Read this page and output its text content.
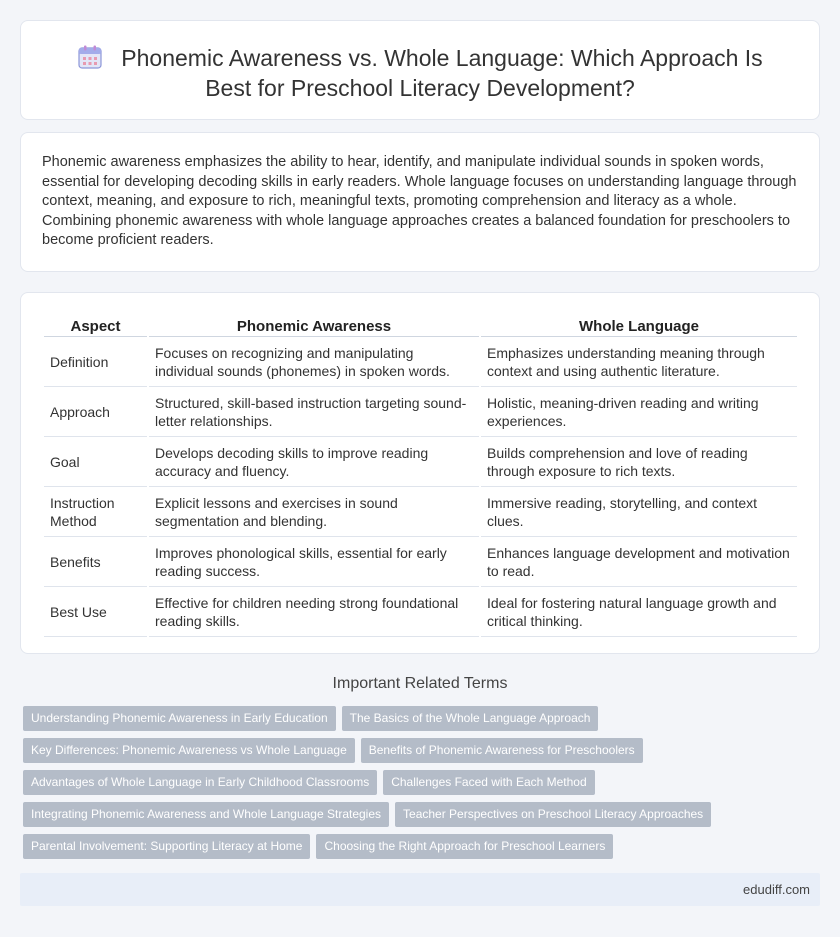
Phonemic Awareness vs. Whole Language: Which Approach Is
Best for Preschool Literacy Development?

Phonemic awareness emphasizes the ability to hear, identify, and manipulate individual sounds in spoken words, essential for developing decoding skills in early readers. Whole language focuses on understanding language through context, meaning, and exposure to rich, meaningful texts, promoting comprehension and literacy as a whole. Combining phonemic awareness with whole language approaches creates a balanced foundation for preschoolers to become proficient readers.

Aspect	Phonemic Awareness	Whole Language
Definition	Focuses on recognizing and manipulating individual sounds (phonemes) in spoken words.	Emphasizes understanding meaning through context and using authentic literature.
Approach	Structured, skill-based instruction targeting sound-letter relationships.	Holistic, meaning-driven reading and writing experiences.
Goal	Develops decoding skills to improve reading accuracy and fluency.	Builds comprehension and love of reading through exposure to rich texts.
Instruction Method	Explicit lessons and exercises in sound segmentation and blending.	Immersive reading, storytelling, and context clues.
Benefits	Improves phonological skills, essential for early reading success.	Enhances language development and motivation to read.
Best Use	Effective for children needing strong foundational reading skills.	Ideal for fostering natural language growth and critical thinking.
Important Related Terms
Understanding Phonemic Awareness in Early Education The Basics of the Whole Language Approach
Key Differences: Phonemic Awareness vs Whole Language Benefits of Phonemic Awareness for Preschoolers
Advantages of Whole Language in Early Childhood Classrooms Challenges Faced with Each Method
Integrating Phonemic Awareness and Whole Language Strategies Teacher Perspectives on Preschool Literacy Approaches
Parental Involvement: Supporting Literacy at Home Choosing the Right Approach for Preschool Learners
edudiff.com
